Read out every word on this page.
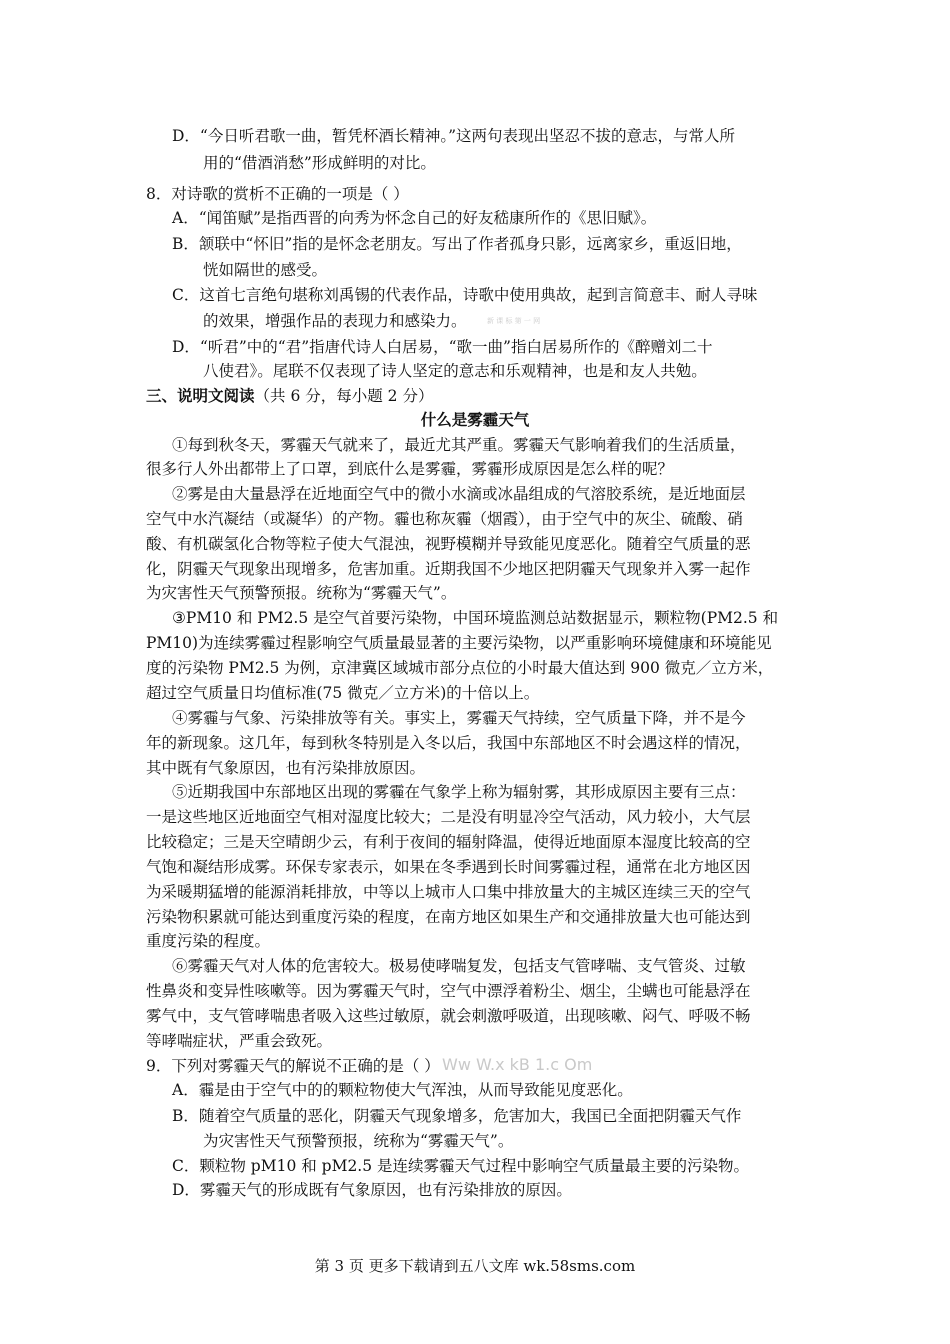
D．“今日听君歌一曲，暂凭杯酒长精神。”这两句表现出坚忍不拔的意志，与常人所

用的“借酒消愁”形成鲜明的对比。

8．对诗歌的赏析不正确的一项是（ ）

A．“闻笛赋”是指西晋的向秀为怀念自己的好友嵇康所作的《思旧赋》。

B．颔联中“怀旧”指的是怀念老朋友。写出了作者孤身只影，远离家乡，重返旧地，

恍如隔世的感受。

C．这首七言绝句堪称刘禹锡的代表作品，诗歌中使用典故，起到言简意丰、耐人寻味

的效果，增强作品的表现力和感染力。	新 课 标 第 一 网

D．“听君”中的“君”指唐代诗人白居易，“歌一曲”指白居易所作的《醉赠刘二十

八使君》。尾联不仅表现了诗人坚定的意志和乐观精神，也是和友人共勉。

三、说明文阅读（共 6 分，每小题 2 分）

什么是雾霾天气

①每到秋冬天，雾霾天气就来了，最近尤其严重。雾霾天气影响着我们的生活质量，

很多行人外出都带上了口罩，到底什么是雾霾，雾霾形成原因是怎么样的呢？

②雾是由大量悬浮在近地面空气中的微小水滴或冰晶组成的气溶胶系统，是近地面层

空气中水汽凝结（或凝华）的产物。霾也称灰霾（烟霞），由于空气中的灰尘、硫酸、硝

酸、有机碳氢化合物等粒子使大气混浊，视野模糊并导致能见度恶化。随着空气质量的恶

化，阴霾天气现象出现增多，危害加重。近期我国不少地区把阴霾天气现象并入雾一起作

为灾害性天气预警预报。统称为“雾霾天气”。

③PM10 和 PM2.5 是空气首要污染物，中国环境监测总站数据显示，颗粒物(PM2.5 和

PM10)为连续雾霾过程影响空气质量最显著的主要污染物，以严重影响环境健康和环境能见

度的污染物 PM2.5 为例，京津冀区域城市部分点位的小时最大值达到 900 微克／立方米，

超过空气质量日均值标准(75 微克／立方米)的十倍以上。

④雾霾与气象、污染排放等有关。事实上，雾霾天气持续，空气质量下降，并不是今

年的新现象。这几年，每到秋冬特别是入冬以后，我国中东部地区不时会遇这样的情况，

其中既有气象原因，也有污染排放原因。

⑤近期我国中东部地区出现的雾霾在气象学上称为辐射雾，其形成原因主要有三点：

一是这些地区近地面空气相对湿度比较大；二是没有明显冷空气活动，风力较小，大气层

比较稳定；三是天空晴朗少云，有利于夜间的辐射降温，使得近地面原本湿度比较高的空

气饱和凝结形成雾。环保专家表示，如果在冬季遇到长时间雾霾过程，通常在北方地区因

为采暖期猛增的能源消耗排放，中等以上城市人口集中排放量大的主城区连续三天的空气

污染物积累就可能达到重度污染的程度，在南方地区如果生产和交通排放量大也可能达到

重度污染的程度。

⑥雾霾天气对人体的危害较大。极易使哮喘复发，包括支气管哮喘、支气管炎、过敏

性鼻炎和变异性咳嗽等。因为雾霾天气时，空气中漂浮着粉尘、烟尘，尘螨也可能悬浮在

雾气中，支气管哮喘患者吸入这些过敏原，就会刺激呼吸道，出现咳嗽、闷气、呼吸不畅

等哮喘症状，严重会致死。

9．下列对雾霾天气的解说不正确的是（ ） Ww W.x kB 1.c Om

A．霾是由于空气中的的颗粒物使大气浑浊，从而导致能见度恶化。

B．随着空气质量的恶化，阴霾天气现象增多，危害加大，我国已全面把阴霾天气作

为灾害性天气预警预报，统称为“雾霾天气”。

C．颗粒物 pM10 和 pM2.5 是连续雾霾天气过程中影响空气质量最主要的污染物。

D．雾霾天气的形成既有气象原因，也有污染排放的原因。

第 3 页 更多下载请到五八文库 wk.58sms.com
